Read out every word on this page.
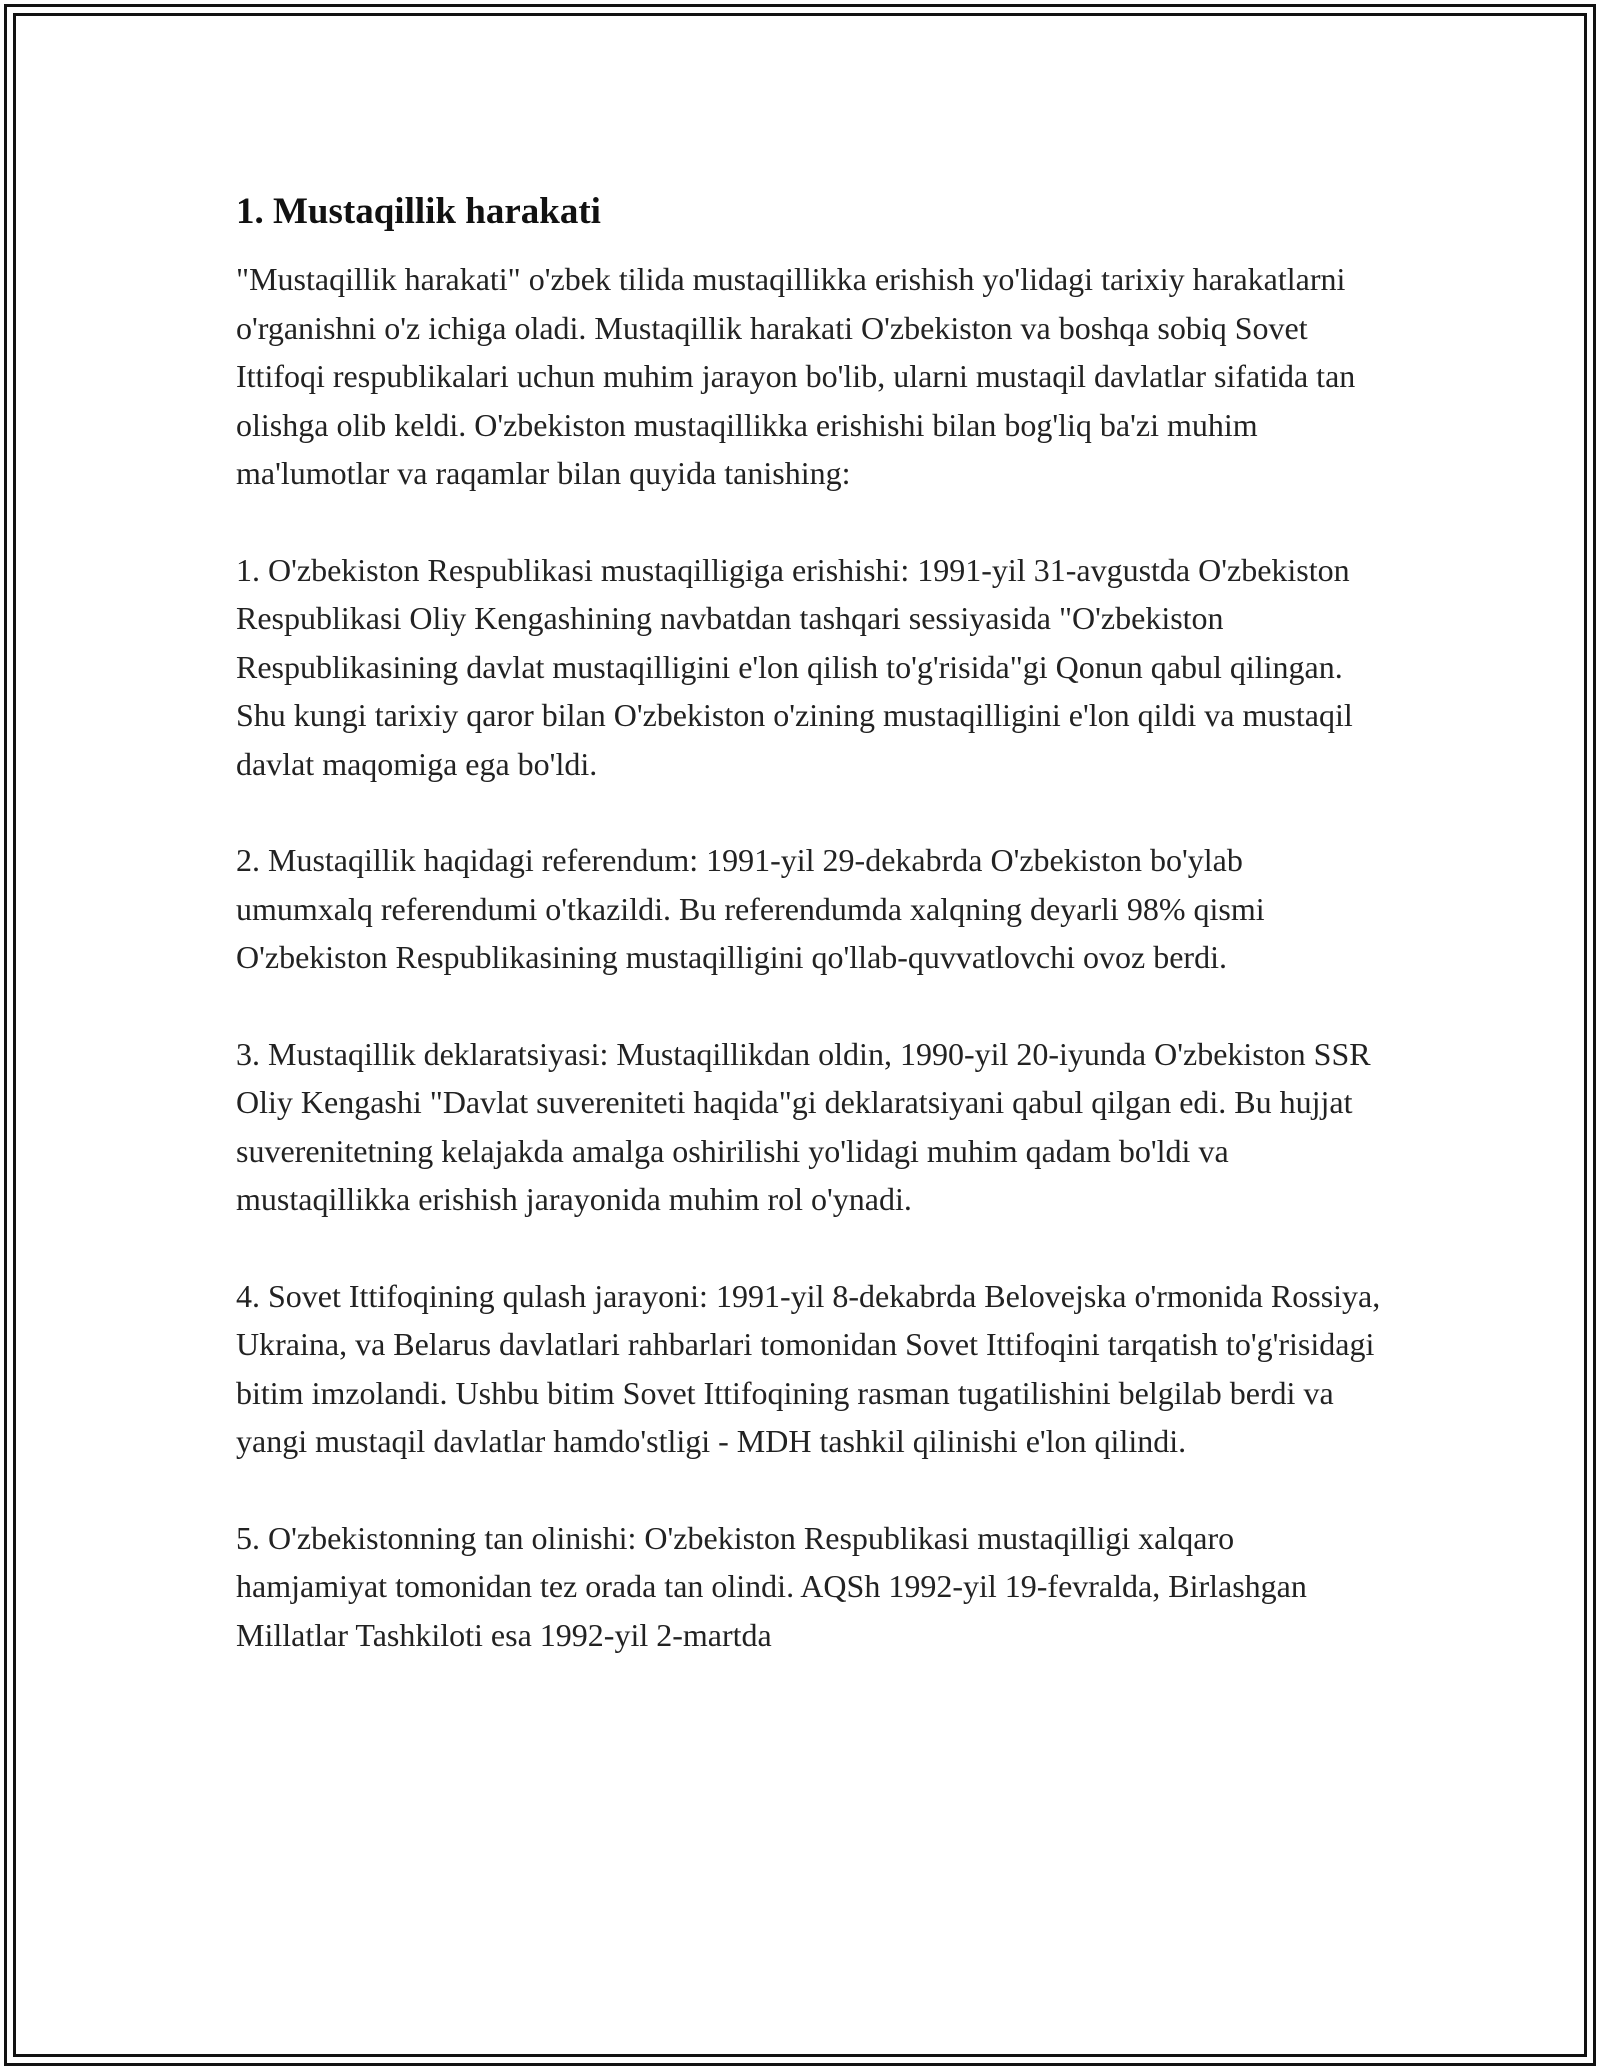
1. Mustaqillik harakati

"Mustaqillik harakati" o'zbek tilida mustaqillikka erishish yo'lidagi tarixiy harakatlarni o'rganishni o'z ichiga oladi. Mustaqillik harakati O'zbekiston va boshqa sobiq Sovet Ittifoqi respublikalari uchun muhim jarayon bo'lib, ularni mustaqil davlatlar sifatida tan olishga olib keldi. O'zbekiston mustaqillikka erishishi bilan bog'liq ba'zi muhim ma'lumotlar va raqamlar bilan quyida tanishing:

1. O'zbekiston Respublikasi mustaqilligiga erishishi: 1991-yil 31-avgustda O'zbekiston Respublikasi Oliy Kengashining navbatdan tashqari sessiyasida "O'zbekiston Respublikasining davlat mustaqilligini e'lon qilish to'g'risida"gi Qonun qabul qilingan. Shu kungi tarixiy qaror bilan O'zbekiston o'zining mustaqilligini e'lon qildi va mustaqil davlat maqomiga ega bo'ldi.

2. Mustaqillik haqidagi referendum: 1991-yil 29-dekabrda O'zbekiston bo'ylab umumxalq referendumi o'tkazildi. Bu referendumda xalqning deyarli 98% qismi O'zbekiston Respublikasining mustaqilligini qo'llab-quvvatlovchi ovoz berdi.

3. Mustaqillik deklaratsiyasi: Mustaqillikdan oldin, 1990-yil 20-iyunda O'zbekiston SSR Oliy Kengashi "Davlat suvereniteti haqida"gi deklaratsiyani qabul qilgan edi. Bu hujjat suverenitetning kelajakda amalga oshirilishi yo'lidagi muhim qadam bo'ldi va mustaqillikka erishish jarayonida muhim rol o'ynadi.

4. Sovet Ittifoqining qulash jarayoni: 1991-yil 8-dekabrda Belovejska o'rmonida Rossiya, Ukraina, va Belarus davlatlari rahbarlari tomonidan Sovet Ittifoqini tarqatish to'g'risidagi bitim imzolandi. Ushbu bitim Sovet Ittifoqining rasman tugatilishini belgilab berdi va yangi mustaqil davlatlar hamdo'stligi - MDH tashkil qilinishi e'lon qilindi.

5. O'zbekistonning tan olinishi: O'zbekiston Respublikasi mustaqilligi xalqaro hamjamiyat tomonidan tez orada tan olindi. AQSh 1992-yil 19-fevralda, Birlashgan Millatlar Tashkiloti esa 1992-yil 2-martda
